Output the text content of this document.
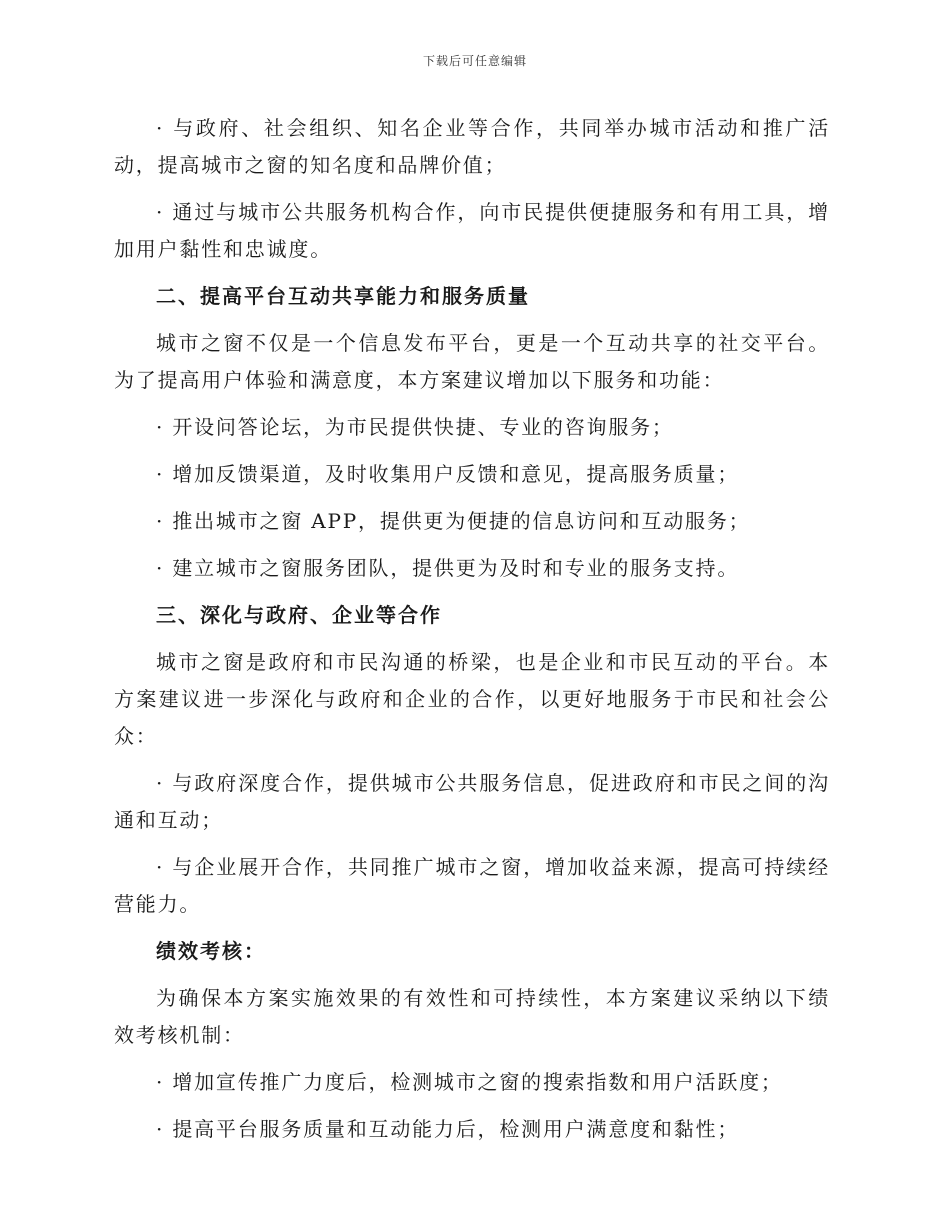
下载后可任意编辑

· 与政府、社会组织、知名企业等合作，共同举办城市活动和推广活动，提高城市之窗的知名度和品牌价值；

· 通过与城市公共服务机构合作，向市民提供便捷服务和有用工具，增加用户黏性和忠诚度。

二、提高平台互动共享能力和服务质量

城市之窗不仅是一个信息发布平台，更是一个互动共享的社交平台。为了提高用户体验和满意度，本方案建议增加以下服务和功能：

· 开设问答论坛，为市民提供快捷、专业的咨询服务；

· 增加反馈渠道，及时收集用户反馈和意见，提高服务质量；

· 推出城市之窗 APP，提供更为便捷的信息访问和互动服务；

· 建立城市之窗服务团队，提供更为及时和专业的服务支持。

三、深化与政府、企业等合作

城市之窗是政府和市民沟通的桥梁，也是企业和市民互动的平台。本方案建议进一步深化与政府和企业的合作，以更好地服务于市民和社会公众：

· 与政府深度合作，提供城市公共服务信息，促进政府和市民之间的沟通和互动；

· 与企业展开合作，共同推广城市之窗，增加收益来源，提高可持续经营能力。

绩效考核：

为确保本方案实施效果的有效性和可持续性，本方案建议采纳以下绩效考核机制：

· 增加宣传推广力度后，检测城市之窗的搜索指数和用户活跃度；

· 提高平台服务质量和互动能力后，检测用户满意度和黏性；
